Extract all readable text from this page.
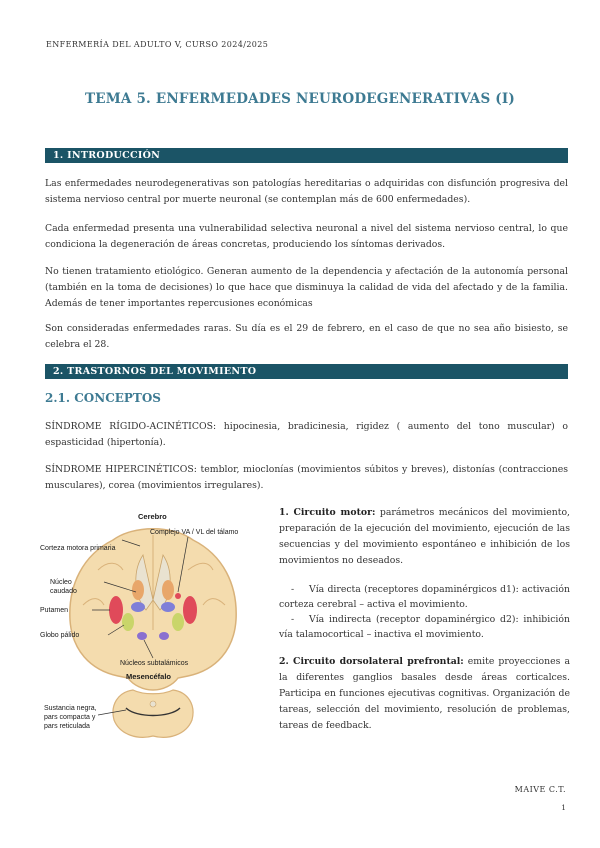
ENFERMERÍA DEL ADULTO V, CURSO 2024/2025
TEMA 5. ENFERMEDADES NEURODEGENERATIVAS (I)
1. INTRODUCCIÓN
Las enfermedades neurodegenerativas son patologías hereditarias o adquiridas con disfunción progresiva del sistema nervioso central por muerte neuronal (se contemplan más de 600 enfermedades).
Cada enfermedad presenta una vulnerabilidad selectiva neuronal a nivel del sistema nervioso central, lo que condiciona la degeneración de áreas concretas, produciendo los síntomas derivados.
No tienen tratamiento etiológico. Generan aumento de la dependencia y afectación de la autonomía personal (también en la toma de decisiones) lo que hace que disminuya la calidad de vida del afectado y de la familia. Además de tener importantes repercusiones económicas
Son consideradas enfermedades raras. Su día es el 29 de febrero, en el caso de que no sea año bisiesto, se celebra el 28.
2. TRASTORNOS DEL MOVIMIENTO
2.1. CONCEPTOS
SÍNDROME RÍGIDO-ACINÉTICOS: hipocinesia, bradicinesia, rigidez ( aumento del tono muscular) o espasticidad (hipertonía).
SÍNDROME HIPERCINÉTICOS: temblor, mioclonías (movimientos súbitos y breves), distonías (contracciones musculares), corea (movimientos irregulares).
Cerebro
Complejo VA / VL del tálamo
Corteza motora primaria
Núcleo
caudado
Putamen
Globo pálido
Núcleos subtalámicos
Mesencéfalo
Sustancia negra,
pars compacta y
pars reticulada
1. Circuito motor: parámetros mecánicos del movimiento, preparación de la ejecución del movimiento, ejecución de las secuencias y del movimiento espontáneo e inhibición de los movimientos no deseados.
- Vía directa (receptores dopaminérgicos d1): activación corteza cerebral – activa el movimiento.
- Vía indirecta (receptor dopaminérgico d2): inhibición vía talamocortical – inactiva el movimiento.
2. Circuito dorsolateral prefrontal: emite proyecciones a la diferentes ganglios basales desde áreas corticalces. Participa en funciones ejecutivas cognitivas. Organización de tareas, selección del movimiento, resolución de problemas, tareas de feedback.
MAIVE C.T.
1
